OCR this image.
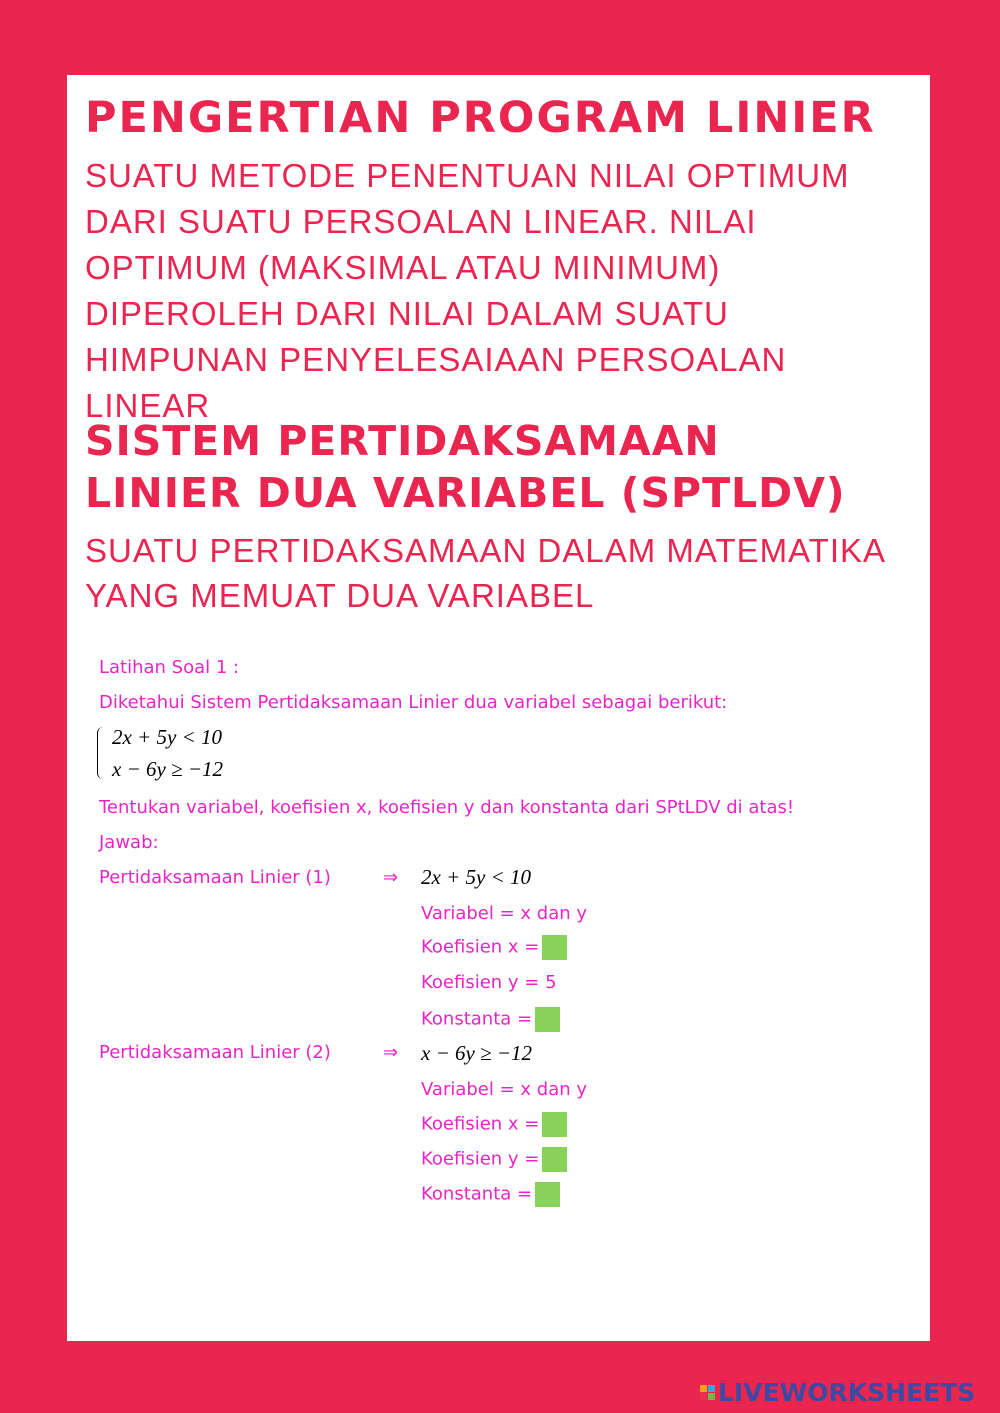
PENGERTIAN PROGRAM LINIER

SUATU METODE PENENTUAN NILAI OPTIMUM DARI SUATU PERSOALAN LINEAR. NILAI OPTIMUM (MAKSIMAL ATAU MINIMUM) DIPEROLEH DARI NILAI DALAM SUATU HIMPUNAN PENYELESAIAAN PERSOALAN LINEAR

SISTEM PERTIDAKSAMAAN
LINIER DUA VARIABEL (SPTLDV)

SUATU PERTIDAKSAMAAN DALAM MATEMATIKA YANG MEMUAT DUA VARIABEL

Latihan Soal 1 :
Diketahui Sistem Pertidaksamaan Linier dua variabel sebagai berikut:
2x + 5y < 10
x − 6y ≥ −12
Tentukan variabel, koefisien x, koefisien y dan konstanta dari SPtLDV di atas!
Jawab:
Pertidaksamaan Linier (1)	⇒ 2x + 5y < 10
Variabel = x dan y
Koefisien x =
Koefisien y = 5
Konstanta =
Pertidaksamaan Linier (2)	⇒ x − 6y ≥ −12
Variabel = x dan y
Koefisien x =
Koefisien y =
Konstanta =
LIVEWORKSHEETS
